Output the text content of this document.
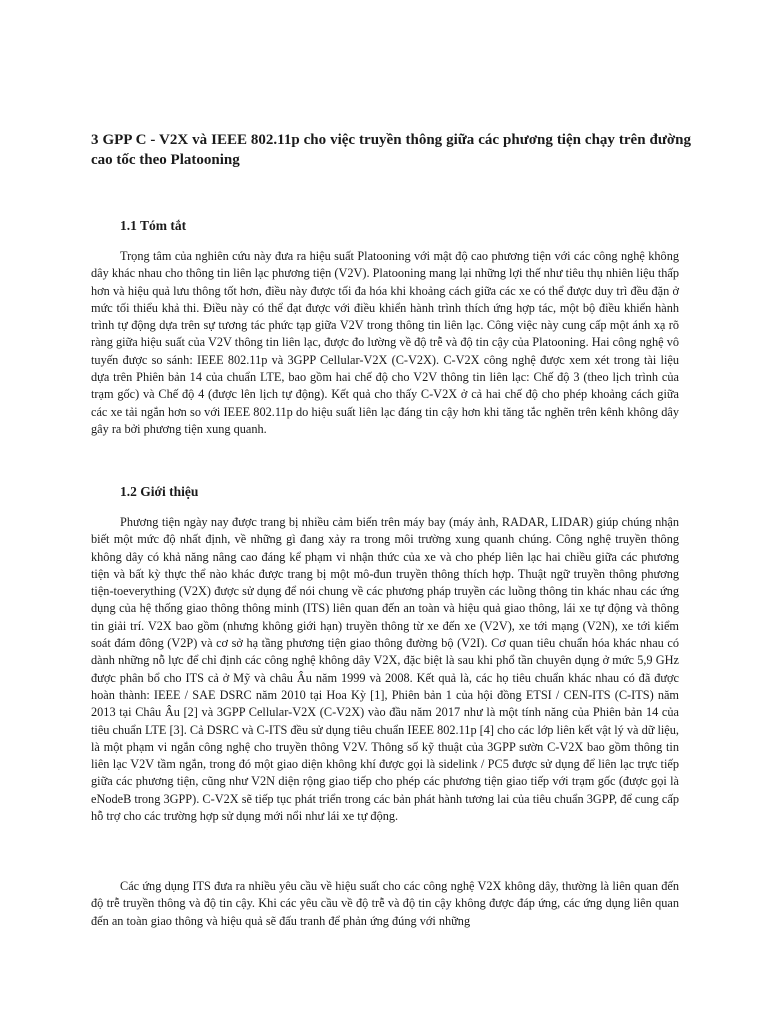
3 GPP C - V2X và IEEE 802.11p cho việc truyền thông giữa các phương tiện chạy trên đường cao tốc theo Platooning
1.1 Tóm tắt

Trọng tâm của nghiên cứu này đưa ra hiệu suất Platooning với mật độ cao phương tiện với các công nghệ không dây khác nhau cho thông tin liên lạc phương tiện (V2V). Platooning mang lại những lợi thế như tiêu thụ nhiên liệu thấp hơn và hiệu quả lưu thông tốt hơn, điều này được tối đa hóa khi khoảng cách giữa các xe có thể được duy trì đều đặn ở mức tối thiểu khả thi. Điều này có thể đạt được với điều khiển hành trình thích ứng hợp tác, một bộ điều khiển hành trình tự động dựa trên sự tương tác phức tạp giữa V2V trong thông tin liên lạc. Công việc này cung cấp một ánh xạ rõ ràng giữa hiệu suất của V2V thông tin liên lạc, được đo lường về độ trễ và độ tin cậy của Platooning. Hai công nghệ vô tuyến được so sánh: IEEE 802.11p và 3GPP Cellular-V2X (C-V2X). C-V2X công nghệ được xem xét trong tài liệu dựa trên Phiên bản 14 của chuẩn LTE, bao gồm hai chế độ cho V2V thông tin liên lạc: Chế độ 3 (theo lịch trình của trạm gốc) và Chế độ 4 (được lên lịch tự động). Kết quả cho thấy C-V2X ở cả hai chế độ cho phép khoảng cách giữa các xe tải ngắn hơn so với IEEE 802.11p do hiệu suất liên lạc đáng tin cậy hơn khi tăng tắc nghẽn trên kênh không dây gây ra bởi phương tiện xung quanh.

1.2 Giới thiệu

Phương tiện ngày nay được trang bị nhiều cảm biến trên máy bay (máy ảnh, RADAR, LIDAR) giúp chúng nhận biết một mức độ nhất định, về những gì đang xảy ra trong môi trường xung quanh chúng. Công nghệ truyền thông không dây có khả năng nâng cao đáng kể phạm vi nhận thức của xe và cho phép liên lạc hai chiều giữa các phương tiện và bất kỳ thực thể nào khác được trang bị một mô-đun truyền thông thích hợp. Thuật ngữ truyền thông phương tiện-toeverything (V2X) được sử dụng để nói chung về các phương pháp truyền các luồng thông tin khác nhau các ứng dụng của hệ thống giao thông thông minh (ITS) liên quan đến an toàn và hiệu quả giao thông, lái xe tự động và thông tin giải trí. V2X bao gồm (nhưng không giới hạn) truyền thông từ xe đến xe (V2V), xe tới mạng (V2N), xe tới kiểm soát đám đông (V2P) và cơ sở hạ tầng phương tiện giao thông đường bộ (V2I). Cơ quan tiêu chuẩn hóa khác nhau có dành những nỗ lực để chỉ định các công nghệ không dây V2X, đặc biệt là sau khi phổ tần chuyên dụng ở mức 5,9 GHz được phân bổ cho ITS cả ở Mỹ và châu Âu năm 1999 và 2008. Kết quả là, các họ tiêu chuẩn khác nhau có đã được hoàn thành: IEEE / SAE DSRC năm 2010 tại Hoa Kỳ [1], Phiên bản 1 của hội đồng ETSI / CEN-ITS (C-ITS) năm 2013 tại Châu Âu [2] và 3GPP Cellular-V2X (C-V2X) vào đầu năm 2017 như là một tính năng của Phiên bản 14 của tiêu chuẩn LTE [3]. Cả DSRC và C-ITS đều sử dụng tiêu chuẩn IEEE 802.11p [4] cho các lớp liên kết vật lý và dữ liệu, là một phạm vi ngắn công nghệ cho truyền thông V2V. Thông số kỹ thuật của 3GPP sườn C-V2X bao gồm thông tin liên lạc V2V tầm ngắn, trong đó một giao diện không khí được gọi là sidelink / PC5 được sử dụng để liên lạc trực tiếp giữa các phương tiện, cũng như V2N diện rộng giao tiếp cho phép các phương tiện giao tiếp với trạm gốc (được gọi là eNodeB trong 3GPP). C-V2X sẽ tiếp tục phát triển trong các bản phát hành tương lai của tiêu chuẩn 3GPP, để cung cấp hỗ trợ cho các trường hợp sử dụng mới nổi như lái xe tự động.

Các ứng dụng ITS đưa ra nhiều yêu cầu về hiệu suất cho các công nghệ V2X không dây, thường là liên quan đến độ trễ truyền thông và độ tin cậy. Khi các yêu cầu về độ trễ và độ tin cậy không được đáp ứng, các ứng dụng liên quan đến an toàn giao thông và hiệu quả sẽ đấu tranh để phản ứng đúng với những
